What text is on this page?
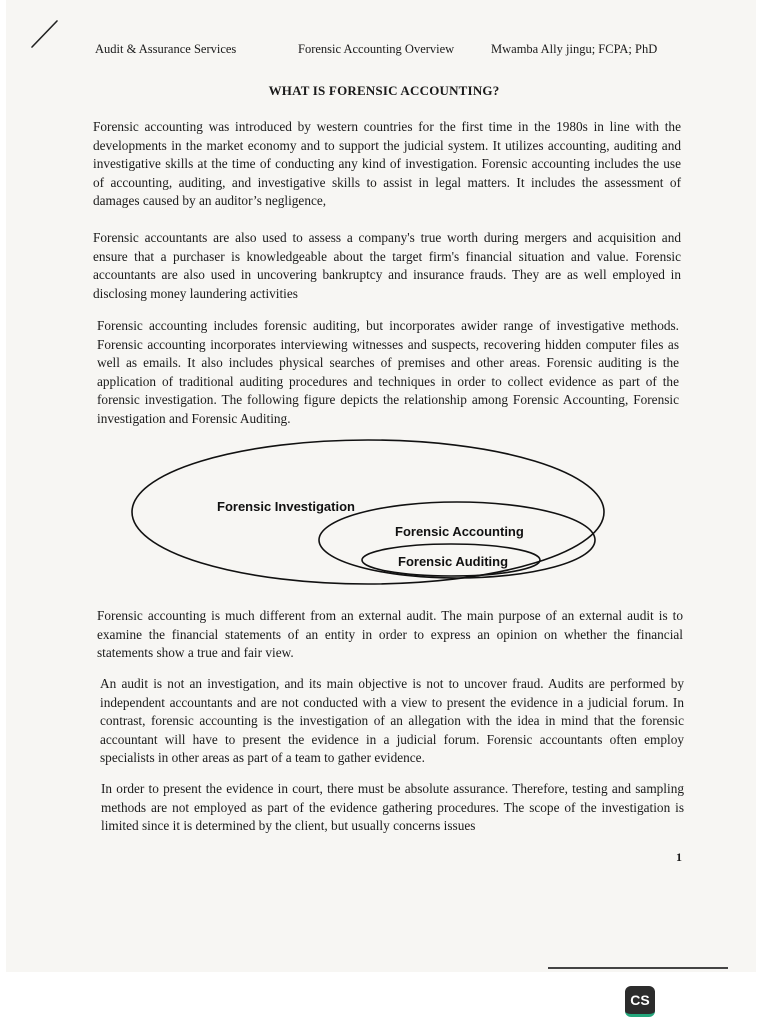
Audit & Assurance Services	Forensic Accounting Overview	Mwamba Ally jingu; FCPA; PhD
WHAT IS FORENSIC ACCOUNTING?
Forensic accounting was introduced by western countries for the first time in the 1980s in line with the developments in the market economy and to support the judicial system. It utilizes accounting, auditing and investigative skills at the time of conducting any kind of investigation. Forensic accounting includes the use of accounting, auditing, and investigative skills to assist in legal matters. It includes the assessment of damages caused by an auditor’s negligence,
Forensic accountants are also used to assess a company's true worth during mergers and acquisition and ensure that a purchaser is knowledgeable about the target firm's financial situation and value. Forensic accountants are also used in uncovering bankruptcy and insurance frauds. They are as well employed in disclosing money laundering activities
Forensic accounting includes forensic auditing, but incorporates awider range of investigative methods. Forensic accounting incorporates interviewing witnesses and suspects, recovering hidden computer files as well as emails. It also includes physical searches of premises and other areas. Forensic auditing is the application of traditional auditing procedures and techniques in order to collect evidence as part of the forensic investigation. The following figure depicts the relationship among Forensic Accounting, Forensic investigation and Forensic Auditing.
Forensic Investigation
Forensic Accounting
Forensic Auditing
Forensic accounting is much different from an external audit. The main purpose of an external audit is to examine the financial statements of an entity in order to express an opinion on whether the financial statements show a true and fair view.
An audit is not an investigation, and its main objective is not to uncover fraud. Audits are performed by independent accountants and are not conducted with a view to present the evidence in a judicial forum. In contrast, forensic accounting is the investigation of an allegation with the idea in mind that the forensic accountant will have to present the evidence in a judicial forum. Forensic accountants often employ specialists in other areas as part of a team to gather evidence.
In order to present the evidence in court, there must be absolute assurance. Therefore, testing and sampling methods are not employed as part of the evidence gathering procedures. The scope of the investigation is limited since it is determined by the client, but usually concerns issues
1
CS
